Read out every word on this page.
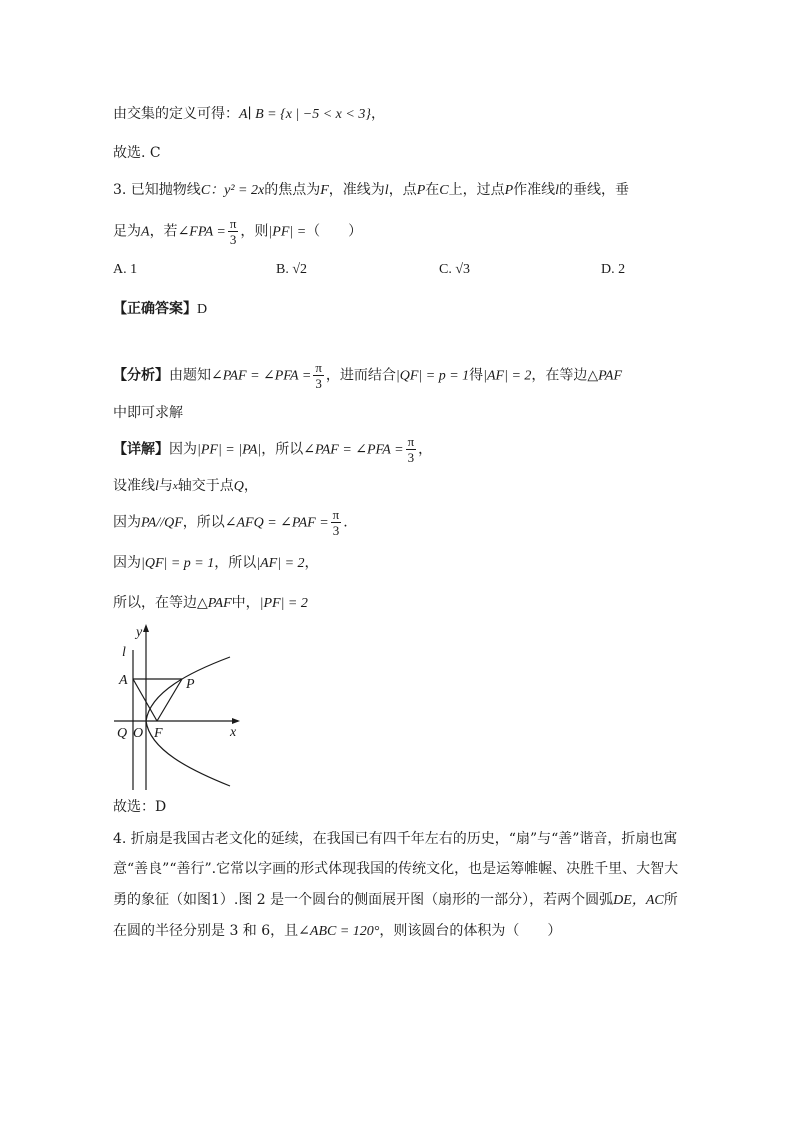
由交集的定义可得：A∣ B = {x | −5 < x < 3}，
故选. C
3. 已知抛物线C：y² = 2x的焦点为F，准线为l，点P在C上，过点P作准线l的垂线，垂
足为A，若∠FPA = $\frac{\pi}{3}$ ，则|PF| =（　　）
A. 1	B. √2	C. √3	D. 2
【正确答案】D
【分析】由题知∠PAF = ∠PFA = $\frac{\pi}{3}$ ，进而结合|QF| = p = 1得|AF| = 2，在等边△PAF
中即可求解
【详解】因为|PF| = |PA|，所以∠PAF = ∠PFA = $\frac{\pi}{3}$ ，
设准线l与$^x$轴交于点Q，
因为PA//QF，所以∠AFQ = ∠PAF = $\frac{\pi}{3}$ .
因为|QF| = p = 1，所以|AF| = 2，
所以，在等边△PAF中，|PF| = 2
y
l
A	P
Q O F	x
故选：D
4. 折扇是我国古老文化的延续，在我国已有四千年左右的历史，“扇”与“善”谐音，折扇也寓
意“善良”“善行”.它常以字画的形式体现我国的传统文化，也是运筹帷幄、决胜千里、大智大
勇的象征（如图1）.图 2 是一个圆台的侧面展开图（扇形的一部分），若两个圆弧DE，AC所
在圆的半径分别是 3 和 6，且∠ABC = 120°，则该圆台的体积为（　　）
